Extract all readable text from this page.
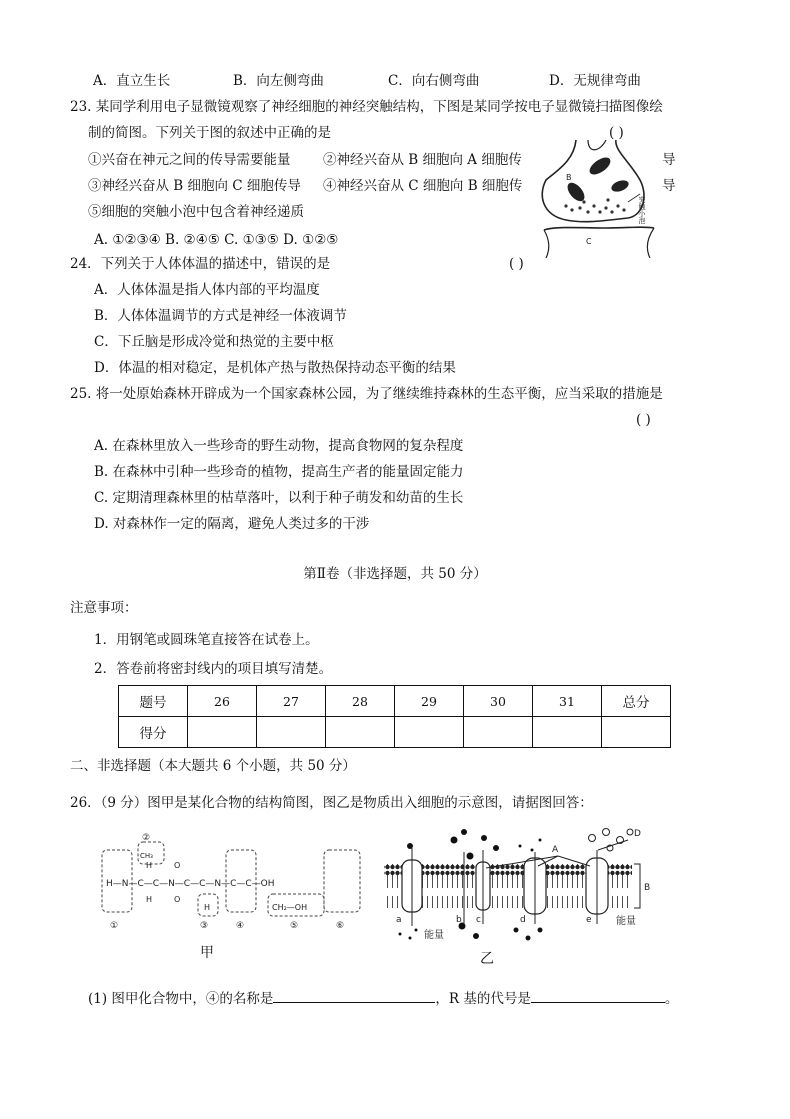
A．直立生长	B．向左侧弯曲	C．向右侧弯曲	D．无规律弯曲
23. 某同学利用电子显微镜观察了神经细胞的神经突触结构，下图是某同学按电子显微镜扫描图像绘
制的简图。下列关于图的叙述中正确的是	( )
①兴奋在神元之间的传导需要能量 ②神经兴奋从 B 细胞向 A 细胞传	导
③神经兴奋从 B 细胞向 C 细胞传导 ④神经兴奋从 C 细胞向 B 细胞传	导
⑤细胞的突触小泡中包含着神经递质
A. ①②③④ B. ②④⑤ C. ①③⑤ D. ①②⑤
B
C
突触小泡
24．下列关于人体体温的描述中，错误的是	( )
A．人体体温是指人体内部的平均温度
B．人体体温调节的方式是神经一体液调节
C．下丘脑是形成冷觉和热觉的主要中枢
D．体温的相对稳定，是机体产热与散热保持动态平衡的结果
25. 将一处原始森林开辟成为一个国家森林公园，为了继续维持森林的生态平衡，应当采取的措施是
( )
A. 在森林里放入一些珍奇的野生动物，提高食物网的复杂程度
B. 在森林中引种一些珍奇的植物，提高生产者的能量固定能力
C. 定期清理森林里的枯草落叶，以利于种子萌发和幼苗的生长
D. 对森林作一定的隔离，避免人类过多的干涉
第Ⅱ卷（非选择题，共 50 分）
注意事项：
1．用钢笔或圆珠笔直接答在试卷上。
2．答卷前将密封线内的项目填写清楚。
题号	26	27	28	29	30	31	总分
得分							
二、非选择题（本大题共 6 个小题，共 50 分）
26．（9 分）图甲是某化合物的结构简图，图乙是物质出入细胞的示意图，请据图回答：
H—N—C—C—N—C—C—N—C—C—OH
H
H
O
O
CH₃
H	CH₂—OH
①
②
③	④	⑤	⑥
甲
A
B
D
a	b c	d	e
能量
能量
乙
(1) 图甲化合物中，④的名称是	，R 基的代号是	。
